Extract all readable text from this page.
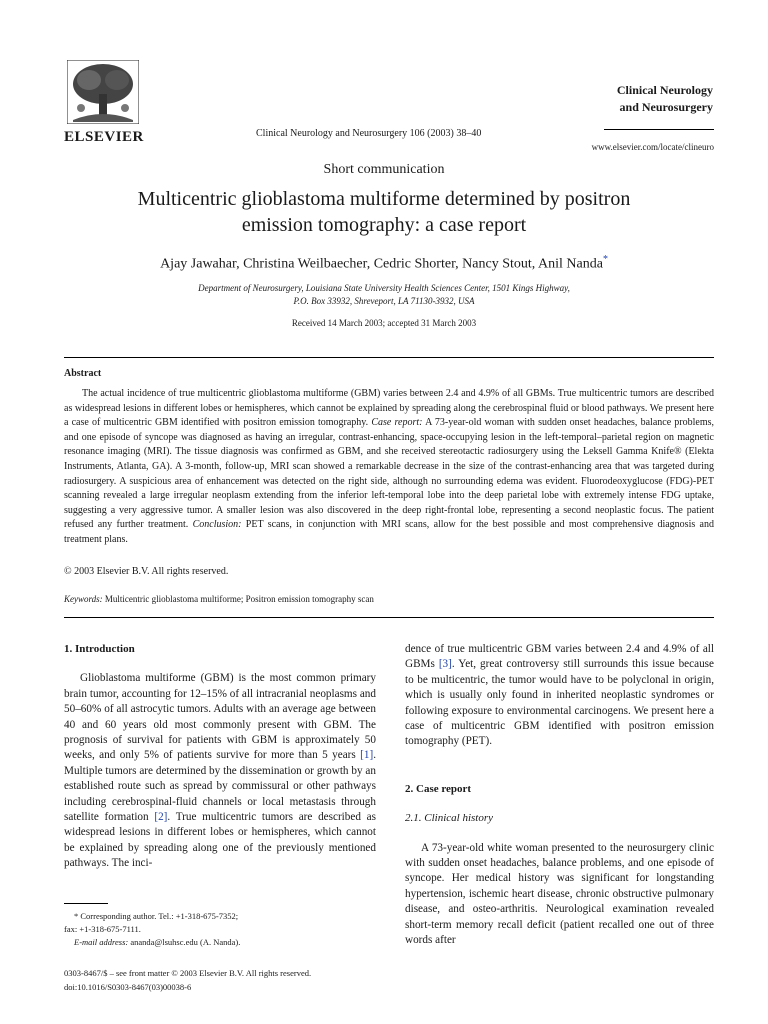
ELSEVIER	Clinical Neurology and Neurosurgery 106 (2003) 38–40
Clinical Neurology
and Neurosurgery
www.elsevier.com/locate/clineuro
Short communication
Multicentric glioblastoma multiforme determined by positron
emission tomography: a case report
Ajay Jawahar, Christina Weilbaecher, Cedric Shorter, Nancy Stout, Anil Nanda*
Department of Neurosurgery, Louisiana State University Health Sciences Center, 1501 Kings Highway,
P.O. Box 33932, Shreveport, LA 71130-3932, USA
Received 14 March 2003; accepted 31 March 2003
Abstract
The actual incidence of true multicentric glioblastoma multiforme (GBM) varies between 2.4 and 4.9% of all GBMs. True multicentric tumors are described as widespread lesions in different lobes or hemispheres, which cannot be explained by spreading along the cerebrospinal fluid or blood pathways. We present here a case of multicentric GBM identified with positron emission tomography. Case report: A 73-year-old woman with sudden onset headaches, balance problems, and one episode of syncope was diagnosed as having an irregular, contrast-enhancing, space-occupying lesion in the left-temporal–parietal region on magnetic resonance imaging (MRI). The tissue diagnosis was confirmed as GBM, and she received stereotactic radiosurgery using the Leksell Gamma Knife® (Elekta Instruments, Atlanta, GA). A 3-month, follow-up, MRI scan showed a remarkable decrease in the size of the contrast-enhancing area that was targeted during radiosurgery. A suspicious area of enhancement was detected on the right side, although no surrounding edema was evident. Fluorodeoxyglucose (FDG)-PET scanning revealed a large irregular neoplasm extending from the inferior left-temporal lobe into the deep parietal lobe with extremely intense FDG uptake, suggesting a very aggressive tumor. A smaller lesion was also discovered in the deep right-frontal lobe, representing a second neoplastic focus. The patient refused any further treatment. Conclusion: PET scans, in conjunction with MRI scans, allow for the best possible and most comprehensive diagnosis and treatment plans.
© 2003 Elsevier B.V. All rights reserved.
Keywords: Multicentric glioblastoma multiforme; Positron emission tomography scan
1. Introduction

Glioblastoma multiforme (GBM) is the most common primary brain tumor, accounting for 12–15% of all intracranial neoplasms and 50–60% of all astrocytic tumors. Adults with an average age between 40 and 60 years old most commonly present with GBM. The prognosis of survival for patients with GBM is approximately 50 weeks, and only 5% of patients survive for more than 5 years [1]. Multiple tumors are determined by the dissemination or growth by an established route such as spread by commissural or other pathways including cerebrospinal-fluid channels or local metastasis through satellite formation [2]. True multicentric tumors are described as widespread lesions in different lobes or hemispheres, which cannot be explained by spreading along one of the previously mentioned pathways. The inci-

* Corresponding author. Tel.: +1-318-675-7352;
fax: +1-318-675-7111.
E-mail address: ananda@lsuhsc.edu (A. Nanda).
0303-8467/$ – see front matter © 2003 Elsevier B.V. All rights reserved.
doi:10.1016/S0303-8467(03)00038-6

dence of true multicentric GBM varies between 2.4 and 4.9% of all GBMs [3]. Yet, great controversy still surrounds this issue because to be multicentric, the tumor would have to be polyclonal in origin, which is usually only found in inherited neoplastic syndromes or following exposure to environmental carcinogens. We present here a case of multicentric GBM identified with positron emission tomography (PET).

2. Case report
2.1. Clinical history

A 73-year-old white woman presented to the neurosurgery clinic with sudden onset headaches, balance problems, and one episode of syncope. Her medical history was significant for longstanding hypertension, ischemic heart disease, chronic obstructive pulmonary disease, and osteo-arthritis. Neurological examination revealed short-term memory recall deficit (patient recalled one out of three words after
